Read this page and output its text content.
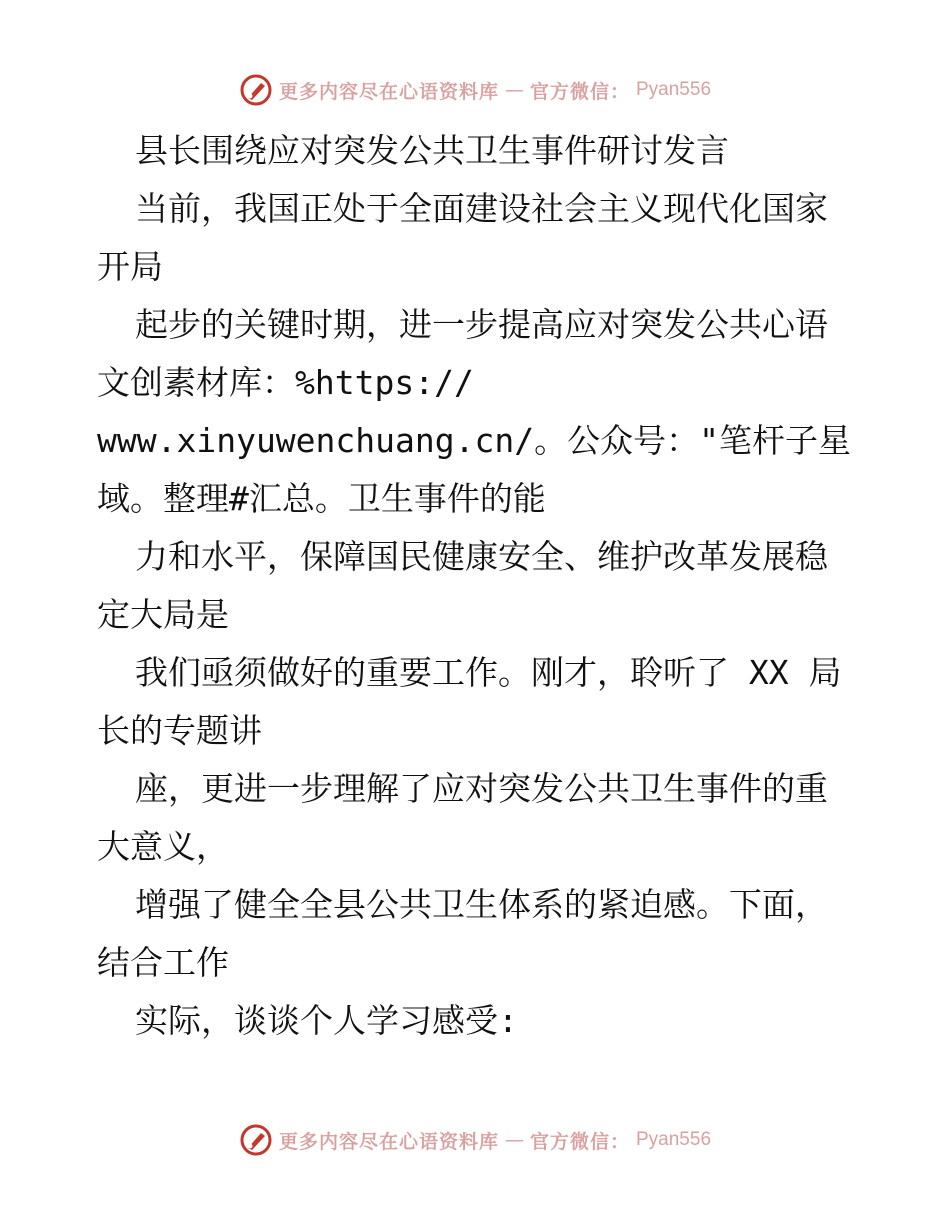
更多内容尽在心语资料库 — 官方微信： Pyan556
县长围绕应对突发公共卫生事件研讨发言
当前，我国正处于全面建设社会主义现代化国家
开局
起步的关键时期，进一步提高应对突发公共心语
文创素材库：%https://
www.xinyuwenchuang.cn/。公众号："笔杆子星
域。整理#汇总。卫生事件的能
力和水平，保障国民健康安全、维护改革发展稳
定大局是
我们亟须做好的重要工作。刚才，聆听了 XX 局
长的专题讲
座，更进一步理解了应对突发公共卫生事件的重
大意义，
增强了健全全县公共卫生体系的紧迫感。下面，
结合工作
实际，谈谈个人学习感受:
更多内容尽在心语资料库 — 官方微信： Pyan556
